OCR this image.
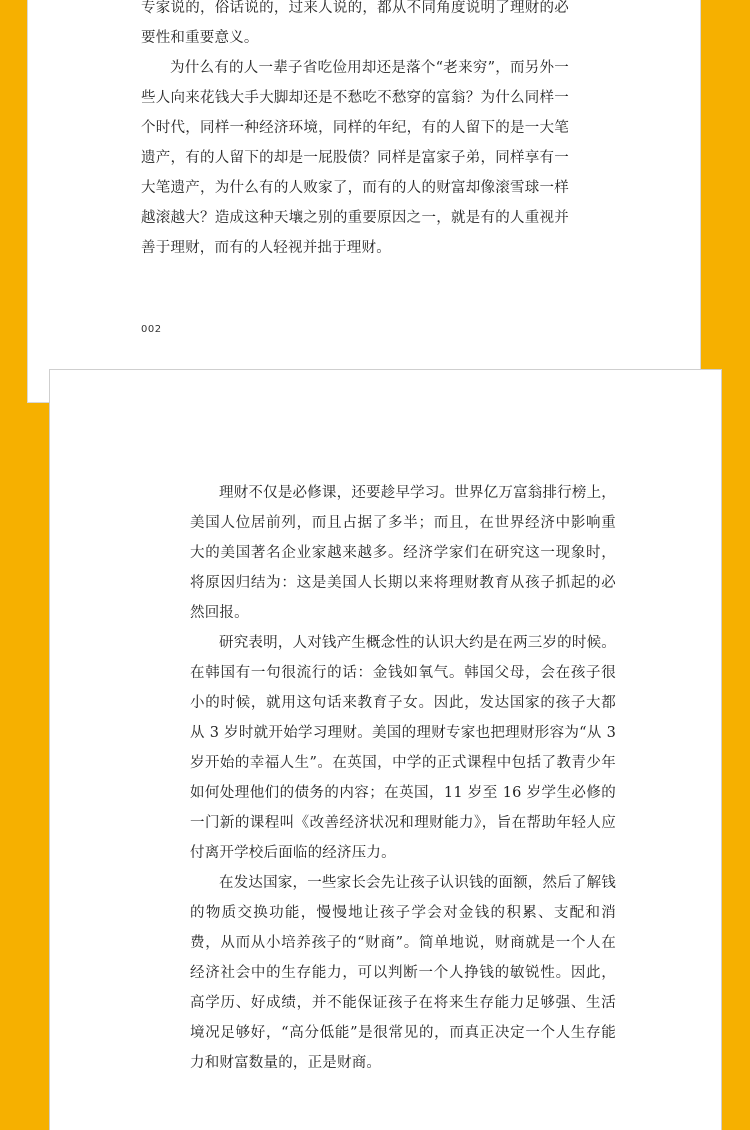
专家说的，俗话说的，过来人说的，都从不同角度说明了理财的必要性和重要意义。

为什么有的人一辈子省吃俭用却还是落个“老来穷”，而另外一些人向来花钱大手大脚却还是不愁吃不愁穿的富翁？为什么同样一个时代，同样一种经济环境，同样的年纪，有的人留下的是一大笔遗产，有的人留下的却是一屁股债？同样是富家子弟，同样享有一大笔遗产，为什么有的人败家了，而有的人的财富却像滚雪球一样越滚越大？造成这种天壤之别的重要原因之一，就是有的人重视并善于理财，而有的人轻视并拙于理财。

002

理财不仅是必修课，还要趁早学习。世界亿万富翁排行榜上，美国人位居前列，而且占据了多半；而且，在世界经济中影响重大的美国著名企业家越来越多。经济学家们在研究这一现象时，将原因归结为：这是美国人长期以来将理财教育从孩子抓起的必然回报。

研究表明，人对钱产生概念性的认识大约是在两三岁的时候。在韩国有一句很流行的话：金钱如氧气。韩国父母，会在孩子很小的时候，就用这句话来教育子女。因此，发达国家的孩子大都从 3 岁时就开始学习理财。美国的理财专家也把理财形容为“从 3 岁开始的幸福人生”。在英国，中学的正式课程中包括了教青少年如何处理他们的债务的内容；在英国，11 岁至 16 岁学生必修的一门新的课程叫《改善经济状况和理财能力》，旨在帮助年轻人应付离开学校后面临的经济压力。

在发达国家，一些家长会先让孩子认识钱的面额，然后了解钱的物质交换功能，慢慢地让孩子学会对金钱的积累、支配和消费，从而从小培养孩子的“财商”。简单地说，财商就是一个人在经济社会中的生存能力，可以判断一个人挣钱的敏锐性。因此，高学历、好成绩，并不能保证孩子在将来生存能力足够强、生活境况足够好，“高分低能”是很常见的，而真正决定一个人生存能力和财富数量的，正是财商。
